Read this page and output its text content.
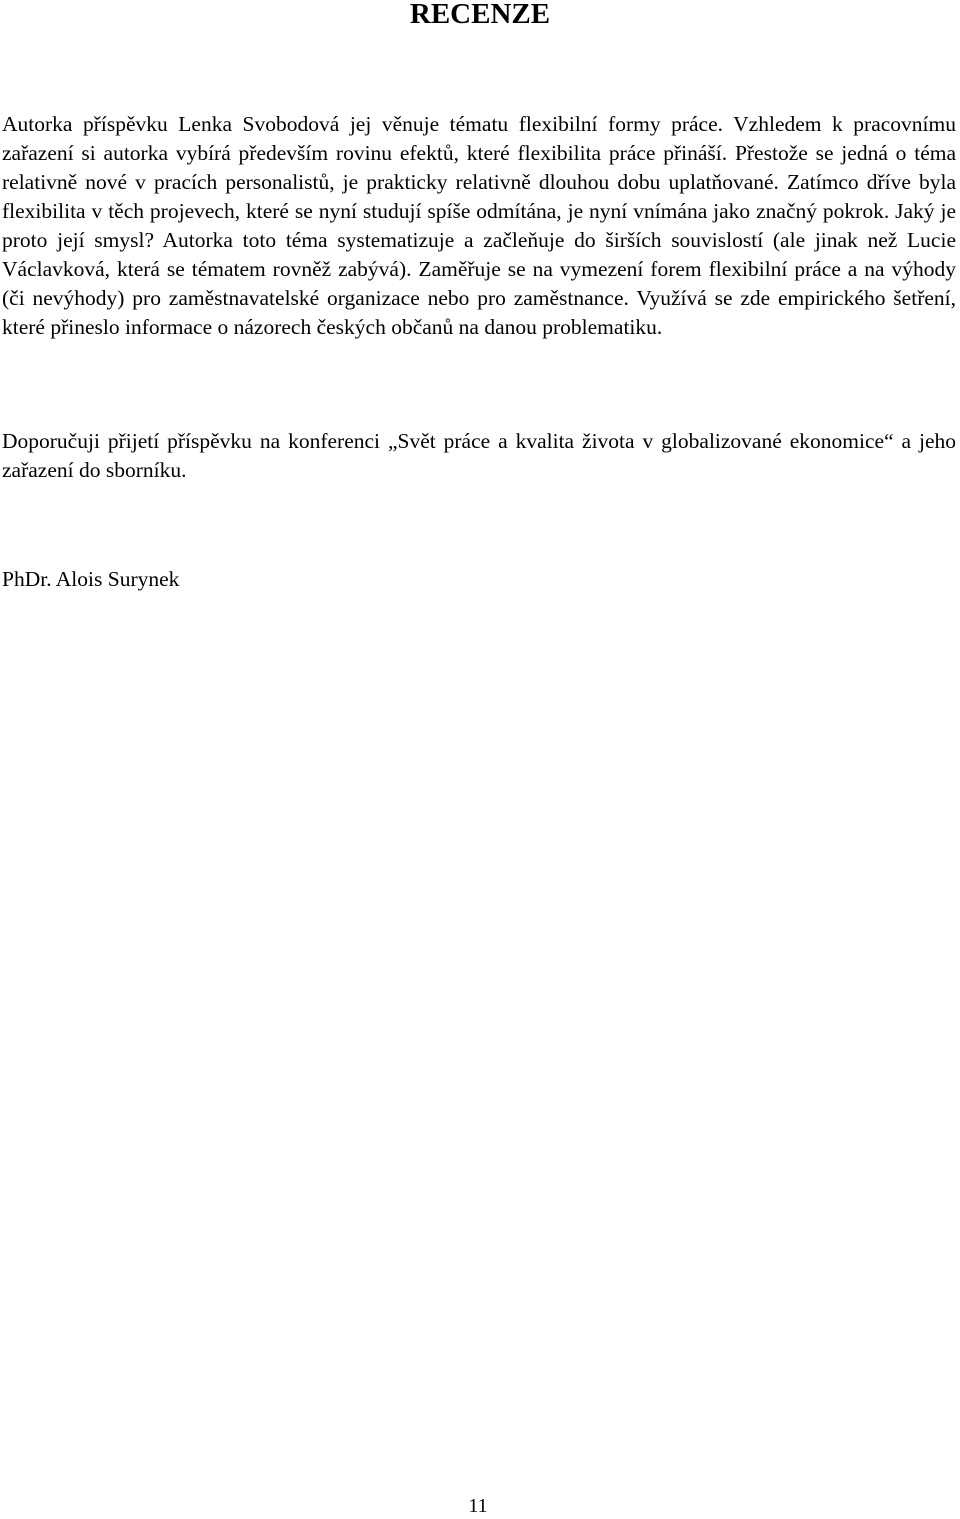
RECENZE

Autorka příspěvku Lenka Svobodová jej věnuje tématu flexibilní formy práce. Vzhledem k pracovnímu zařazení si autorka vybírá především rovinu efektů, které flexibilita práce přináší. Přestože se jedná o téma relativně nové v pracích personalistů, je prakticky relativně dlouhou dobu uplatňované. Zatímco dříve byla flexibilita v těch projevech, které se nyní studují spíše odmítána, je nyní vnímána jako značný pokrok. Jaký je proto její smysl? Autorka toto téma systematizuje a začleňuje do širších souvislostí (ale jinak než Lucie Václavková, která se tématem rovněž zabývá). Zaměřuje se na vymezení forem flexibilní práce a na výhody (či nevýhody) pro zaměstnavatelské organizace nebo pro zaměstnance. Využívá se zde empirického šetření, které přineslo informace o názorech českých občanů na danou problematiku.

Doporučuji přijetí příspěvku na konferenci „Svět práce a kvalita života v globalizované ekonomice“ a jeho zařazení do sborníku.

PhDr. Alois Surynek

11
